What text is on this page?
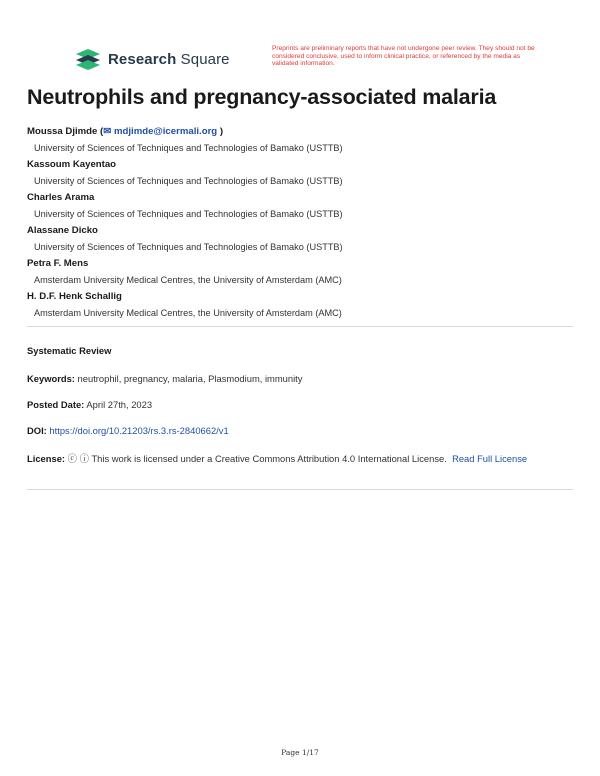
Research Square
Preprints are preliminary reports that have not undergone peer review. They should not be considered conclusive, used to inform clinical practice, or referenced by the media as validated information.
Neutrophils and pregnancy-associated malaria
Moussa Djimde (✉ mdjimde@icermali.org )
University of Sciences of Techniques and Technologies of Bamako (USTTB)
Kassoum Kayentao
University of Sciences of Techniques and Technologies of Bamako (USTTB)
Charles Arama
University of Sciences of Techniques and Technologies of Bamako (USTTB)
Alassane Dicko
University of Sciences of Techniques and Technologies of Bamako (USTTB)
Petra F. Mens
Amsterdam University Medical Centres, the University of Amsterdam (AMC)
H. D.F. Henk Schallig
Amsterdam University Medical Centres, the University of Amsterdam (AMC)
Systematic Review
Keywords: neutrophil, pregnancy, malaria, Plasmodium, immunity
Posted Date: April 27th, 2023
DOI: https://doi.org/10.21203/rs.3.rs-2840662/v1
License: ⓒ ⓘ This work is licensed under a Creative Commons Attribution 4.0 International License. Read Full License
Page 1/17
